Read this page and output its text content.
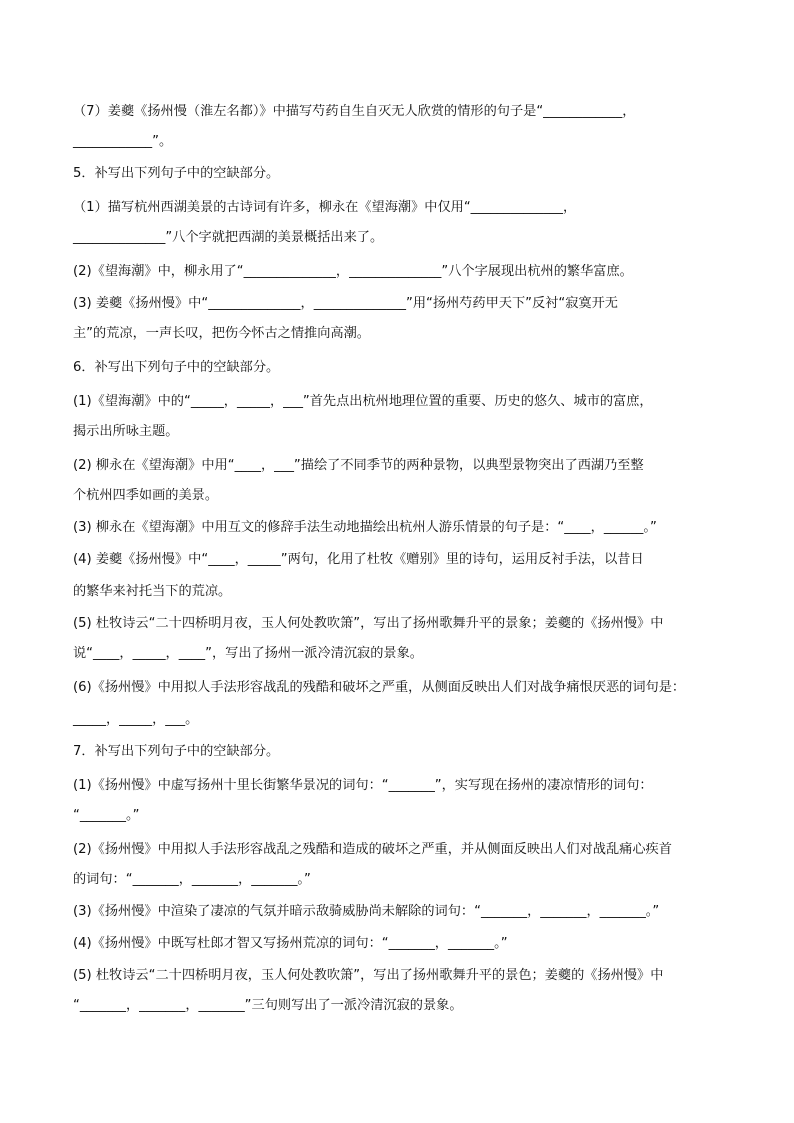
（7）姜夔《扬州慢（淮左名都）》中描写芍药自生自灭无人欣赏的情形的句子是“____________，
____________”。
5．补写出下列句子中的空缺部分。
（1）描写杭州西湖美景的古诗词有许多，柳永在《望海潮》中仅用“______________，
______________”八个字就把西湖的美景概括出来了。
(2)《望海潮》中，柳永用了“______________，______________”八个字展现出杭州的繁华富庶。
(3) 姜夔《扬州慢》中“______________，______________”用“扬州芍药甲天下”反衬“寂寞开无
主”的荒凉，一声长叹，把伤今怀古之情推向高潮。
6．补写出下列句子中的空缺部分。
(1)《望海潮》中的“_____，_____，___”首先点出杭州地理位置的重要、历史的悠久、城市的富庶，
揭示出所咏主题。
(2) 柳永在《望海潮》中用“____，___”描绘了不同季节的两种景物，以典型景物突出了西湖乃至整
个杭州四季如画的美景。
(3) 柳永在《望海潮》中用互文的修辞手法生动地描绘出杭州人游乐情景的句子是：“____，______。”
(4) 姜夔《扬州慢》中“____，_____”两句，化用了杜牧《赠别》里的诗句，运用反衬手法，以昔日
的繁华来衬托当下的荒凉。
(5) 杜牧诗云“二十四桥明月夜，玉人何处教吹箫”，写出了扬州歌舞升平的景象；姜夔的《扬州慢》中
说“____，_____，____”，写出了扬州一派冷清沉寂的景象。
(6)《扬州慢》中用拟人手法形容战乱的残酷和破坏之严重，从侧面反映出人们对战争痛恨厌恶的词句是：
_____，_____，___。
7．补写出下列句子中的空缺部分。
(1)《扬州慢》中虚写扬州十里长街繁华景况的词句：“_______”，实写现在扬州的凄凉情形的词句：
“_______。”
(2)《扬州慢》中用拟人手法形容战乱之残酷和造成的破坏之严重，并从侧面反映出人们对战乱痛心疾首
的词句：“_______，_______，_______。”
(3)《扬州慢》中渲染了凄凉的气氛并暗示敌骑威胁尚未解除的词句：“_______，_______，_______。”
(4)《扬州慢》中既写杜郎才智又写扬州荒凉的词句：“_______，_______。”
(5) 杜牧诗云“二十四桥明月夜，玉人何处教吹箫”，写出了扬州歌舞升平的景色；姜夔的《扬州慢》中
“_______，_______，_______”三句则写出了一派冷清沉寂的景象。
